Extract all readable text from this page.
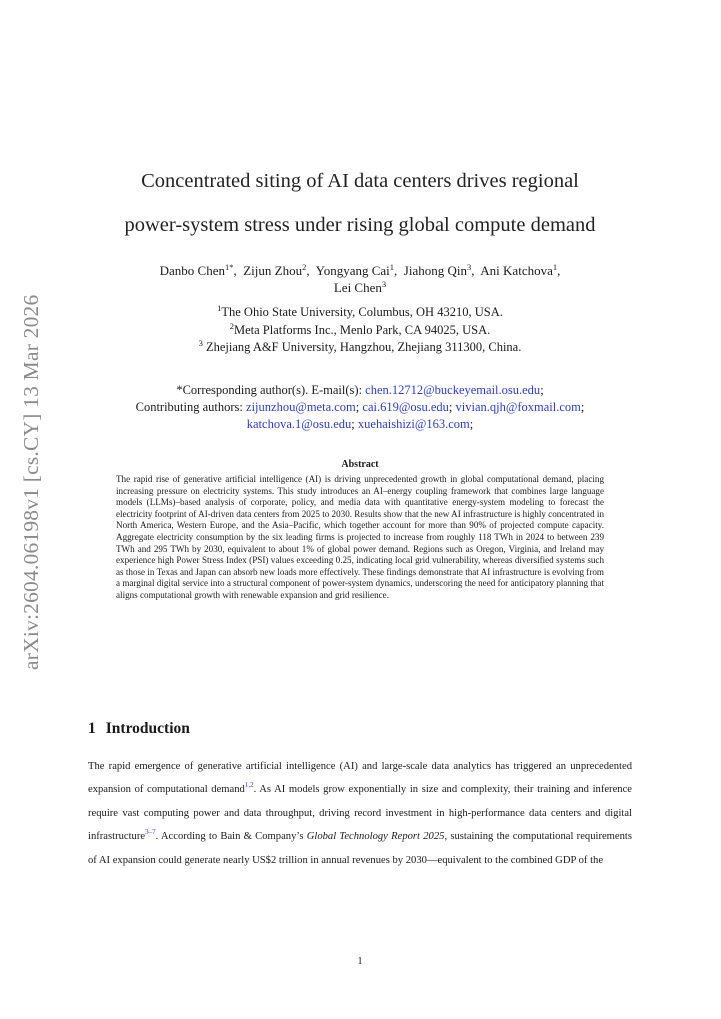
arXiv:2604.06198v1 [cs.CY] 13 Mar 2026
Concentrated siting of AI data centers drives regional
power-system stress under rising global compute demand
Danbo Chen$^{1*}$,  Zijun Zhou$^2$,  Yongyang Cai$^1$,  Jiahong Qin$^3$,  Ani Katchova$^1$,
Lei Chen$^3$
$^1$The Ohio State University, Columbus, OH 43210, USA.
$^2$Meta Platforms Inc., Menlo Park, CA 94025, USA.
$^3$ Zhejiang A&F University, Hangzhou, Zhejiang 311300, China.
*Corresponding author(s). E-mail(s): chen.12712@buckeyemail.osu.edu;
Contributing authors: zijunzhou@meta.com; cai.619@osu.edu; vivian.qjh@foxmail.com;
katchova.1@osu.edu; xuehaishizi@163.com;
Abstract
The rapid rise of generative artificial intelligence (AI) is driving unprecedented growth in global computational demand, placing increasing pressure on electricity systems. This study introduces an AI–energy coupling framework that combines large language models (LLMs)–based analysis of corporate, policy, and media data with quantitative energy-system modeling to forecast the electricity footprint of AI-driven data centers from 2025 to 2030. Results show that the new AI infrastructure is highly concentrated in North America, Western Europe, and the Asia–Pacific, which together account for more than 90% of projected compute capacity. Aggregate electricity consumption by the six leading firms is projected to increase from roughly 118 TWh in 2024 to between 239 TWh and 295 TWh by 2030, equivalent to about 1% of global power demand. Regions such as Oregon, Virginia, and Ireland may experience high Power Stress Index (PSI) values exceeding 0.25, indicating local grid vulnerability, whereas diversified systems such as those in Texas and Japan can absorb new loads more effectively. These findings demonstrate that AI infrastructure is evolving from a marginal digital service into a structural component of power-system dynamics, underscoring the need for anticipatory planning that aligns computational growth with renewable expansion and grid resilience.
1 Introduction
The rapid emergence of generative artificial intelligence (AI) and large-scale data analytics has triggered an unprecedented expansion of computational demand$^{1,2}$. As AI models grow exponentially in size and complexity, their training and inference require vast computing power and data throughput, driving record investment in high-performance data centers and digital infrastructure$^{3-7}$. According to Bain & Company’s Global Technology Report 2025, sustaining the computational requirements of AI expansion could generate nearly US$2 trillion in annual revenues by 2030—equivalent to the combined GDP of the
1
